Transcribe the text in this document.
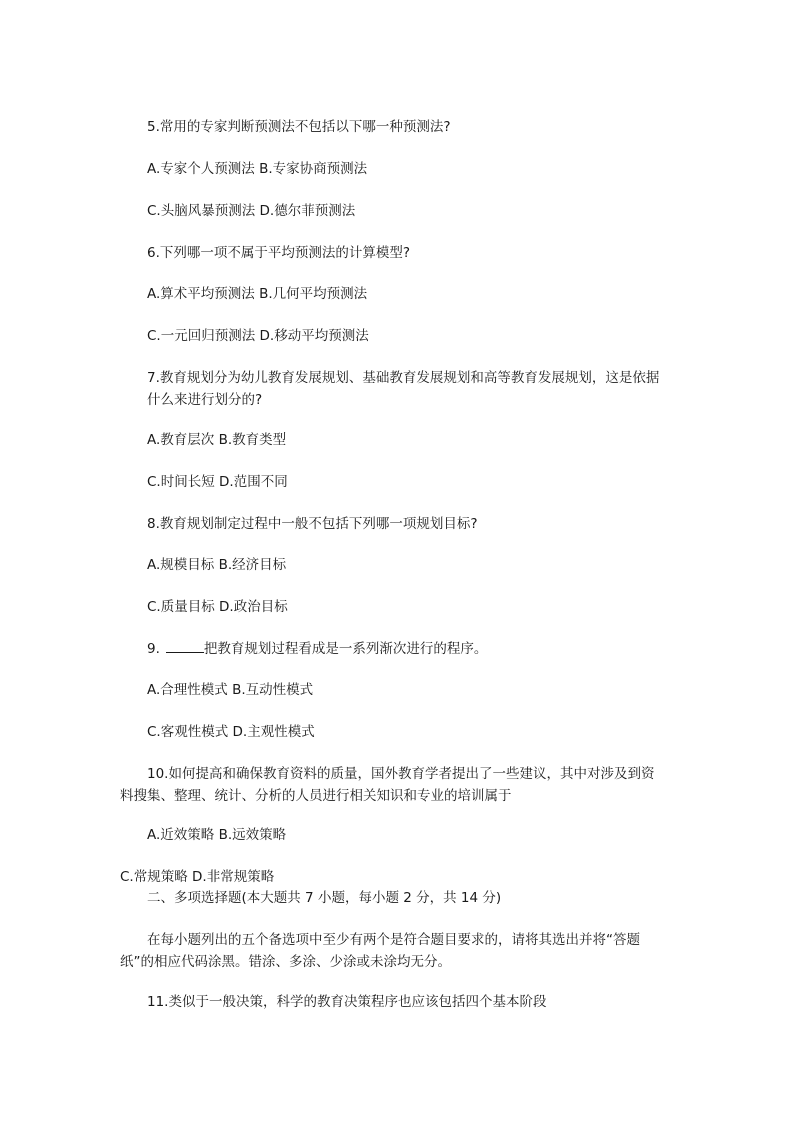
5.常用的专家判断预测法不包括以下哪一种预测法?

A.专家个人预测法 B.专家协商预测法

C.头脑风暴预测法 D.德尔菲预测法

6.下列哪一项不属于平均预测法的计算模型?

A.算术平均预测法 B.几何平均预测法

C.一元回归预测法 D.移动平均预测法

7.教育规划分为幼儿教育发展规划、基础教育发展规划和高等教育发展规划，这是依据什么来进行划分的?

A.教育层次 B.教育类型

C.时间长短 D.范围不同

8.教育规划制定过程中一般不包括下列哪一项规划目标?

A.规模目标 B.经济目标

C.质量目标 D.政治目标

9.	把教育规划过程看成是一系列渐次进行的程序。

A.合理性模式 B.互动性模式

C.客观性模式 D.主观性模式

10.如何提高和确保教育资料的质量，国外教育学者提出了一些建议，其中对涉及到资料搜集、整理、统计、分析的人员进行相关知识和专业的培训属于

A.近效策略 B.远效策略

C.常规策略 D.非常规策略

二、多项选择题(本大题共 7 小题，每小题 2 分，共 14 分)

在每小题列出的五个备选项中至少有两个是符合题目要求的，请将其选出并将“答题纸”的相应代码涂黑。错涂、多涂、少涂或未涂均无分。

11.类似于一般决策，科学的教育决策程序也应该包括四个基本阶段
